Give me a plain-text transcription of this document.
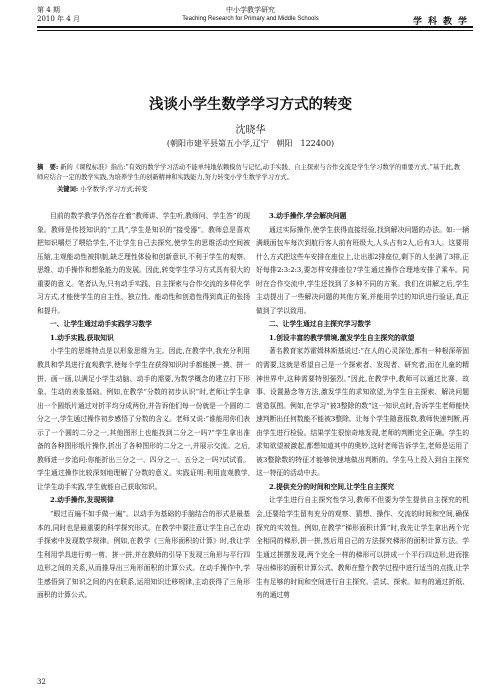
第 4 期
2010 年 4 月
中小学教学研究
Teaching Research for Primary and Middle Schools	学科教学
浅谈小学生数学学习方式的转变
沈晓华
(朝阳市建平县第五小学,辽宁　朝阳　122400)
摘　要: 新的《课程标准》指出:“有效的数学学习活动不能单纯地依赖模仿与记忆,动手实践、自主探索与合作交流是学生学习数学的重要方式。”基于此,教师应结合一定的教学实践,为培养学生的创新精神和实践能力,努力转变小学生数学学习方式。
关键词: 小学数学;学习方式;转变

目前的数学教学仍然存在着“教师讲、学生听,教师问、学生答”的现象。教师是传授知识的“工具”,学生是知识的“接受器”。教师总是喜欢把知识嚼烂了喂给学生,不让学生自己去探究,使学生的思维活动空间被压缩,主观能动性被抑制,缺乏理性体验和创新意识,不利于学生的观察、思维、动手操作和想象能力的发展。因此,转变学生学习方式具有很大的重要的意义。笔者认为,只有动手实践、自主探索与合作交流的多样化学习方式,才能使学生的自主性、独立性、能动性和创造性得到真正的张扬和提升。

一、让学生通过动手实践学习数学

1.动手实践,获取知识

小学生的思维特点是以形象思维为主。因此,在教学中,我充分利用教具和学具进行直观教学,使每个学生在获得知识时手都能摸一摸、拼一拼、画一画,以满足小学生动脑、动手的需要,为数学概念的建立打下形象、生动的表象基础。例如,在教学“分数的初步认识”时,老师让学生拿出一个圆纸片通过对折平均分成两份,并告诉他们每一份就是一个圆的二分之一,学生通过操作初步感悟了分数的含义。老师又说:“谁能用你们表示了一个圆的二分之一,其他图形上也能找到二分之一吗?”学生拿出准备的各种图形纸片操作,折出了各种图形的二分之一,并展示交流。之后,教师进一步追问:你能折出三分之一、四分之一、五分之一吗?试试看。学生通过操作比较深刻地理解了分数的意义。实践证明:利用直观教学,让学生动手实践,学生就能自己获取知识。

2.动手操作,发现规律

“眼过百遍不如手做一遍”。以动手为基础的手脑结合的形式是最基本的,同时也是最重要的科学探究形式。在教学中要注意让学生自己在动手探索中发现数学规律。例如,在教学《三角形面积的计算》时,我让学生利用学具进行剪一剪、拼一拼,并在教师的引导下发现三角形与平行四边形之间的关系,从而推导出三角形面积的计算公式。在动手操作中,学生感悟到了知识之间的内在联系,运用知识迁移规律,主动获得了三角形面积的计算公式。

3.动手操作,学会解决问题

通过实际操作,使学生获得直接经验,找到解决问题的办法。如:一辆满载面包车每次到航行客人前有班级大,人头占有2人,后有3人。这要用什么方式把这些车安排在座位上,让出那2排座位,剩下的人坐满了3排,正好每排2:3:2:3,要怎样安排座位?学生通过操作合理地安排了乘车。同时在合作交流中,学生还找到了多种不同的方案。我们在讲解之后,学生主动提出了一些解决问题的其他方案,并能用学过的知识进行验证,真正做到了学以致用。

二、让学生通过自主探究学习数学

1.创设丰富的教学情境,激发学生自主探究的欲望

著名教育家苏霍姆林斯基说过:“在人的心灵深处,都有一种根深蒂固的需要,这就是希望自己是一个探索者、发现者、研究者,而在儿童的精神世界中,这种需要特别强烈。”因此,在教学中,教师可以通过比赛、故事、设置悬念等方法,激发学生的求知欲望,为学生自主探索、解决问题营造氛围。例如,在学习“被3整除的数”这一知识点时,告诉学生老师能快速判断出任何数能不能被3整除。让每个学生随意报数,教师快速判断,再由学生进行检验。结果学生很惊奇地发现,老师的判断完全正确。学生的求知欲望被激起,都想知道其中的奥妙,这时老师告诉学生,老师是运用了被3整除数的特征才能够快速地做出判断的。学生马上投入到自主探究这一特征的活动中去。

2.提供充分的时间和空间,让学生自主探究

让学生进行自主探究性学习,教师不但要为学生提供自主探究的机会,还要给学生留有充分的观察、猜想、操作、交流的时间和空间,确保探究的实效性。例如,在教学“梯形面积计算”时,我先让学生拿出两个完全相同的梯形,拼一拼,然后用自己的方法探究梯形的面积计算方法。学生通过拼摆发现,两个完全一样的梯形可以拼成一个平行四边形,进而推导出梯形的面积计算公式。教师在整个教学过程中进行适当的点拨,让学生有足够的时间和空间进行自主探究、尝试、探索。如有的通过折纸、有的通过剪

32
